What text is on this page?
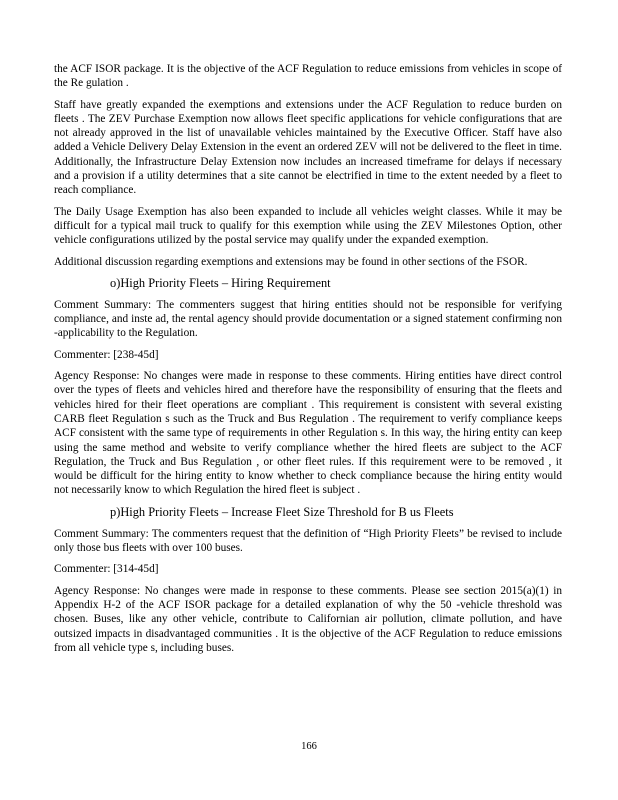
the ACF ISOR package. It is the objective of the ACF Regulation to reduce emissions from vehicles in scope of the Re gulation .

Staff have greatly expanded the exemptions and extensions under the ACF Regulation to reduce burden on fleets . The ZEV Purchase Exemption now allows fleet specific applications for vehicle configurations that are not already approved in the list of unavailable vehicles maintained by the Executive Officer. Staff have also added a Vehicle Delivery Delay Extension in the event an ordered ZEV will not be delivered to the fleet in time. Additionally, the Infrastructure Delay Extension now includes an increased timeframe for delays if necessary and a provision if a utility determines that a site cannot be electrified in time to the extent needed by a fleet to reach compliance.

The Daily Usage Exemption has also been expanded to include all vehicles weight classes. While it may be difficult for a typical mail truck to qualify for this exemption while using the ZEV Milestones Option, other vehicle configurations utilized by the postal service may qualify under the expanded exemption.

Additional discussion regarding exemptions and extensions may be found in other sections of the FSOR.

o)High Priority Fleets – Hiring Requirement

Comment Summary: The commenters suggest that hiring entities should not be responsible for verifying compliance, and inste ad, the rental agency should provide documentation or a signed statement confirming non -applicability to the Regulation.

Commenter: [238-45d]

Agency Response: No changes were made in response to these comments. Hiring entities have direct control over the types of fleets and vehicles hired and therefore have the responsibility of ensuring that the fleets and vehicles hired for their fleet operations are compliant . This requirement is consistent with several existing CARB fleet Regulation s such as the Truck and Bus Regulation . The requirement to verify compliance keeps ACF consistent with the same type of requirements in other Regulation s. In this way, the hiring entity can keep using the same method and website to verify compliance whether the hired fleets are subject to the ACF Regulation, the Truck and Bus Regulation , or other fleet rules. If this requirement were to be removed , it would be difficult for the hiring entity to know whether to check compliance because the hiring entity would not necessarily know to which Regulation the hired fleet is subject .

p)High Priority Fleets – Increase Fleet Size Threshold for B us Fleets

Comment Summary: The commenters request that the definition of “High Priority Fleets” be revised to include only those bus fleets with over 100 buses.

Commenter: [314-45d]

Agency Response: No changes were made in response to these comments. Please see section 2015(a)(1) in Appendix H-2 of the ACF ISOR package for a detailed explanation of why the 50 -vehicle threshold was chosen. Buses, like any other vehicle, contribute to Californian air pollution, climate pollution, and have outsized impacts in disadvantaged communities . It is the objective of the ACF Regulation to reduce emissions from all vehicle type s, including buses.

166
